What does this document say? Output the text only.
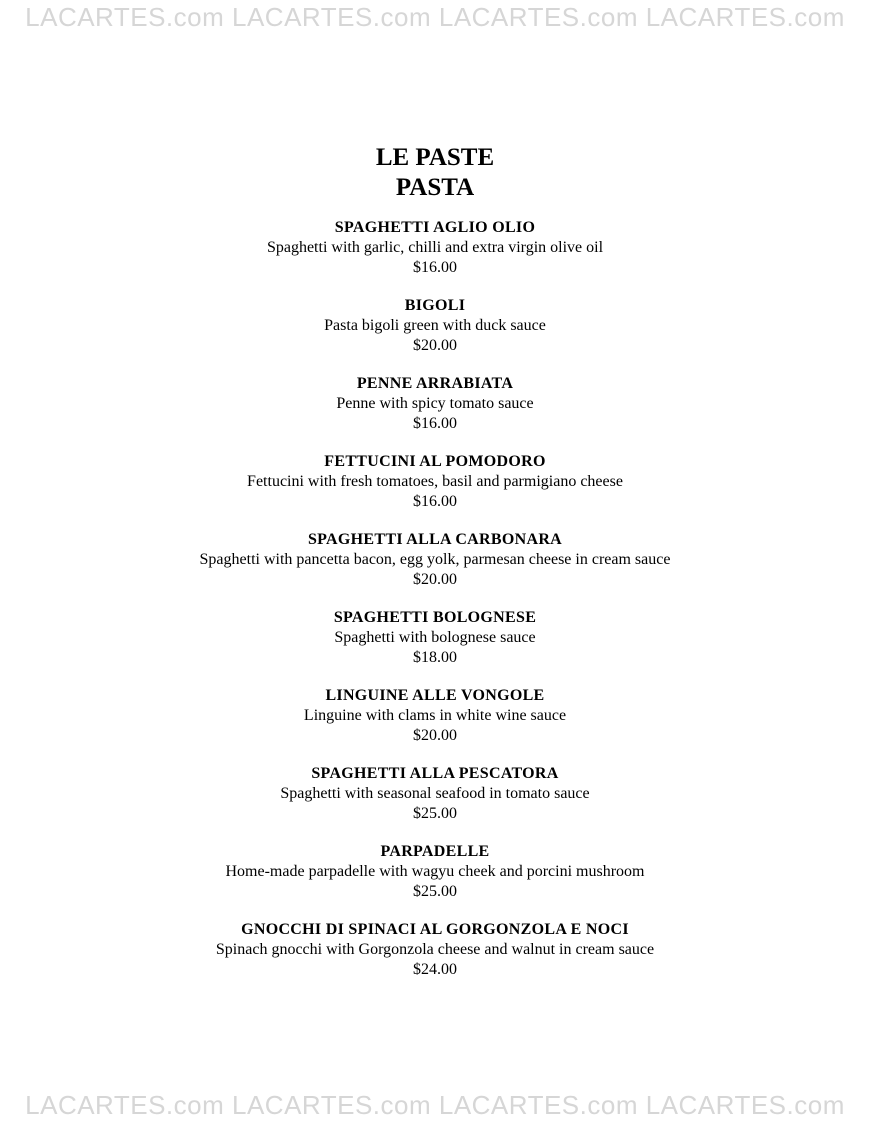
LACARTES.com LACARTES.com LACARTES.com LACARTES.com
LE PASTE
PASTA
SPAGHETTI AGLIO OLIO
Spaghetti with garlic, chilli and extra virgin olive oil
$16.00
BIGOLI
Pasta bigoli green with duck sauce
$20.00
PENNE ARRABIATA
Penne with spicy tomato sauce
$16.00
FETTUCINI AL POMODORO
Fettucini with fresh tomatoes, basil and parmigiano cheese
$16.00
SPAGHETTI ALLA CARBONARA
Spaghetti with pancetta bacon, egg yolk, parmesan cheese in cream sauce
$20.00
SPAGHETTI BOLOGNESE
Spaghetti with bolognese sauce
$18.00
LINGUINE ALLE VONGOLE
Linguine with clams in white wine sauce
$20.00
SPAGHETTI ALLA PESCATORA
Spaghetti with seasonal seafood in tomato sauce
$25.00
PARPADELLE
Home-made parpadelle with wagyu cheek and porcini mushroom
$25.00
GNOCCHI DI SPINACI AL GORGONZOLA E NOCI
Spinach gnocchi with Gorgonzola cheese and walnut in cream sauce
$24.00
LACARTES.com LACARTES.com LACARTES.com LACARTES.com
